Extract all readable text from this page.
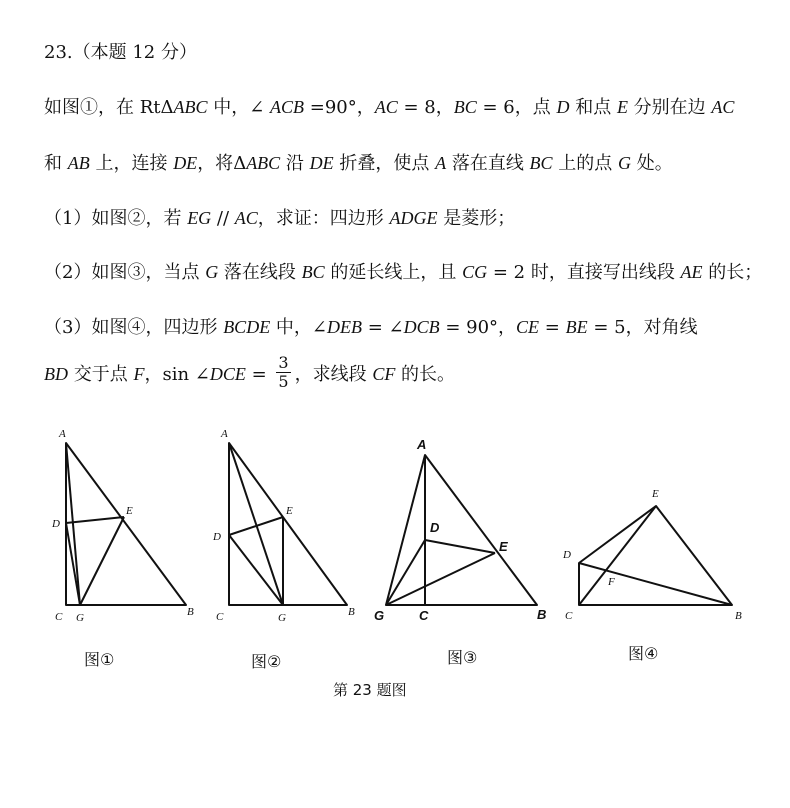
23.（本题 12 分）
如图①，在 RtΔABC 中，∠ ACB =90°，AC = 8，BC = 6，点 D 和点 E 分别在边 AC
和 AB 上，连接 DE，将ΔABC 沿 DE 折叠，使点 A 落在直线 BC 上的点 G 处。
（1）如图②，若 EG // AC，求证：四边形 ADGE 是菱形；
（2）如图③，当点 G 落在线段 BC 的延长线上，且 CG = 2 时，直接写出线段 AE 的长；
（3）如图④，四边形 BCDE 中，∠DEB = ∠DCB = 90°，CE = BE = 5，对角线
BD 交于点 F，sin ∠DCE = $\frac{3}{5}$ ，求线段 CF 的长。
A
D
E
C G	B
A
D
E
C	G	B
A
D
E
G	C	B
E
D
F
C	B
图①	图②	图③	图④
第 23 题图
